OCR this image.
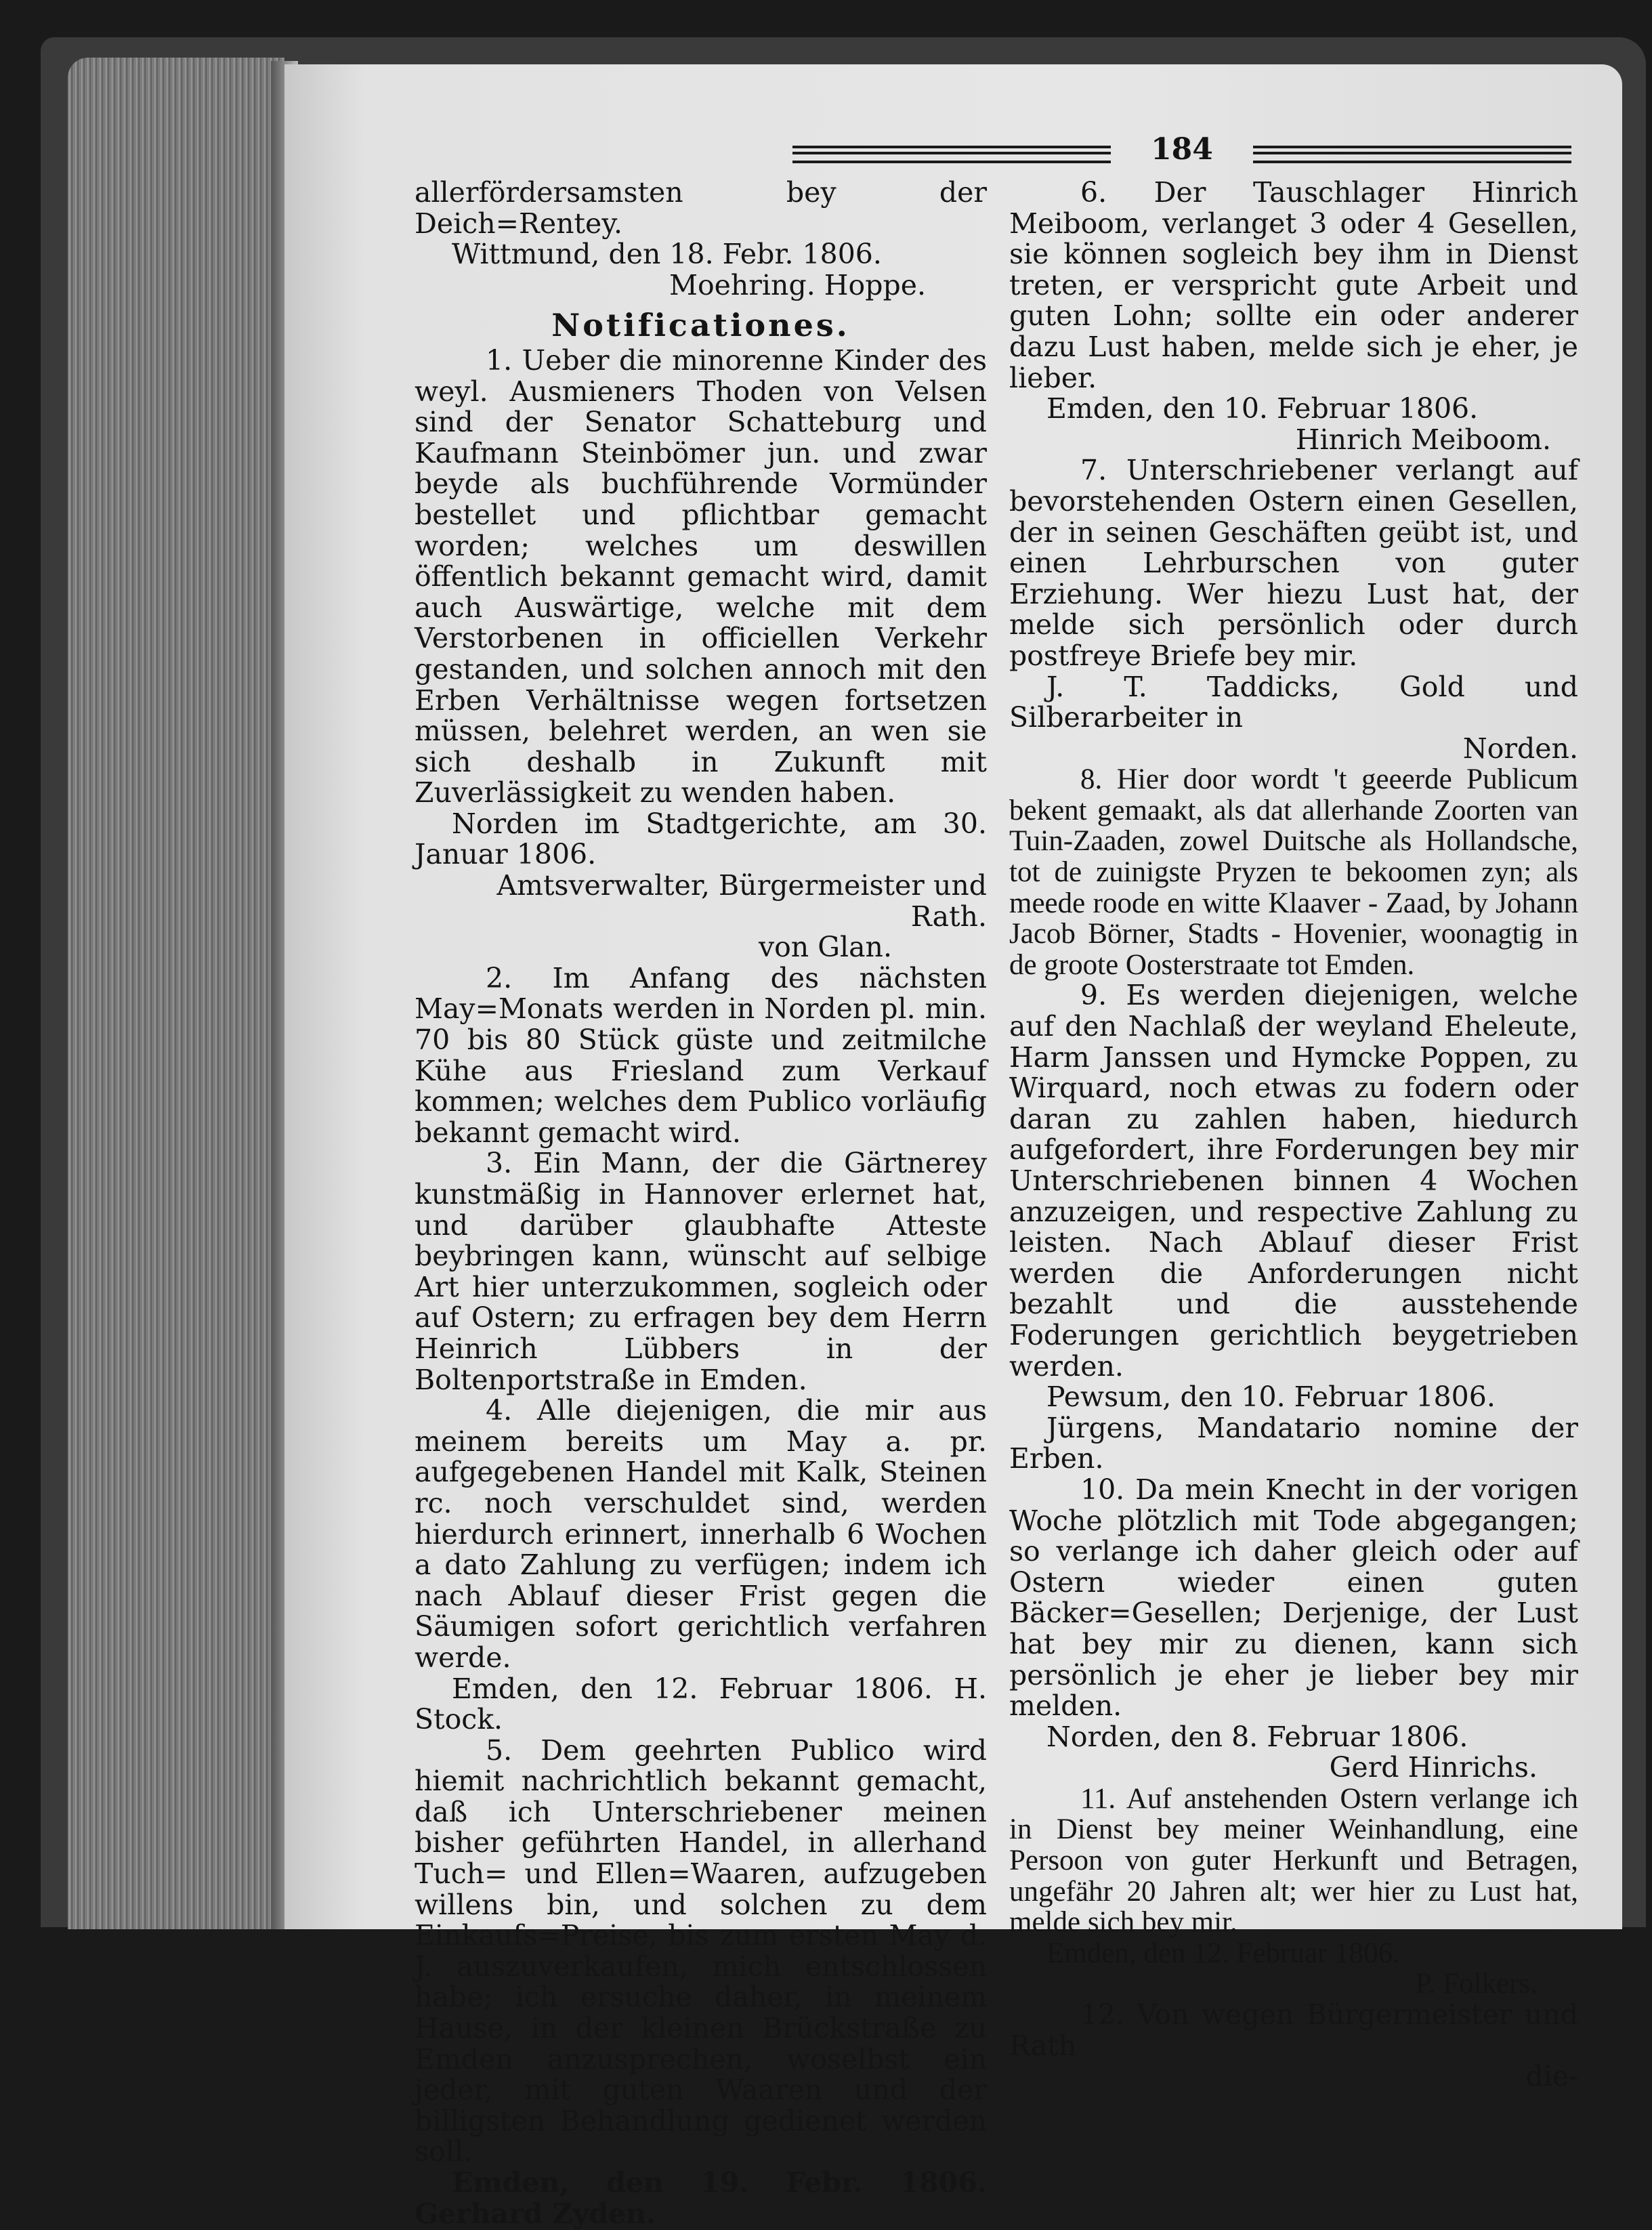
184

allerfördersamsten bey der Deich=Rentey.

Wittmund, den 18. Febr. 1806.

Moehring. Hoppe.

Notificationes.

1. Ueber die minorenne Kinder des weyl. Ausmieners Thoden von Velsen sind der Senator Schatteburg und Kaufmann Steinbömer jun. und zwar beyde als buchführende Vormünder bestellet und pflichtbar gemacht worden; welches um deswillen öffentlich bekannt gemacht wird, damit auch Auswärtige, welche mit dem Verstorbenen in officiellen Verkehr gestanden, und solchen annoch mit den Erben Verhältnisse wegen fortsetzen müssen, belehret werden, an wen sie sich deshalb in Zukunft mit Zuverlässigkeit zu wenden haben.

Norden im Stadtgerichte, am 30. Januar 1806.

Amtsverwalter, Bürgermeister und Rath.

von Glan.

2. Im Anfang des nächsten May=Monats werden in Norden pl. min. 70 bis 80 Stück güste und zeitmilche Kühe aus Friesland zum Verkauf kommen; welches dem Publico vorläufig bekannt gemacht wird.

3. Ein Mann, der die Gärtnerey kunstmäßig in Hannover erlernet hat, und darüber glaubhafte Atteste beybringen kann, wünscht auf selbige Art hier unterzukommen, sogleich oder auf Ostern; zu erfragen bey dem Herrn Heinrich Lübbers in der Boltenportstraße in Emden.

4. Alle diejenigen, die mir aus meinem bereits um May a. pr. aufgegebenen Handel mit Kalk, Steinen rc. noch verschuldet sind, werden hierdurch erinnert, innerhalb 6 Wochen a dato Zahlung zu verfügen; indem ich nach Ablauf dieser Frist gegen die Säumigen sofort gerichtlich verfahren werde.

Emden, den 12. Februar 1806. H. Stock.

5. Dem geehrten Publico wird hiemit nachrichtlich bekannt gemacht, daß ich Unterschriebener meinen bisher geführten Handel, in allerhand Tuch= und Ellen=Waaren, aufzugeben willens bin, und solchen zu dem Einkaufs=Preise, bis zum ersten May d. J. auszuverkaufen, mich entschlossen habe; ich ersuche daher, in meinem Hause, in der kleinen Brückstraße zu Emden anzusprechen, woselbst ein jeder, mit guten Waaren und der billigsten Behandlung gedienet werden soll.

Emden, den 19. Febr. 1806. Gerhard Zyden.

6. Der Tauschlager Hinrich Meiboom, verlanget 3 oder 4 Gesellen, sie können sogleich bey ihm in Dienst treten, er verspricht gute Arbeit und guten Lohn; sollte ein oder anderer dazu Lust haben, melde sich je eher, je lieber.

Emden, den 10. Februar 1806.

Hinrich Meiboom.

7. Unterschriebener verlangt auf bevorstehenden Ostern einen Gesellen, der in seinen Geschäften geübt ist, und einen Lehrburschen von guter Erziehung. Wer hiezu Lust hat, der melde sich persönlich oder durch postfreye Briefe bey mir.

J. T. Taddicks, Gold und Silberarbeiter in

Norden.

8. Hier door wordt 't geeerde Publicum bekent gemaakt, als dat allerhande Zoorten van Tuin-Zaaden, zowel Duitsche als Hollandsche, tot de zuinigste Pryzen te bekoomen zyn; als meede roode en witte Klaaver - Zaad, by Johann Jacob Börner, Stadts - Hovenier, woonagtig in de groote Oosterstraate tot Emden.

9. Es werden diejenigen, welche auf den Nachlaß der weyland Eheleute, Harm Janssen und Hymcke Poppen, zu Wirquard, noch etwas zu fodern oder daran zu zahlen haben, hiedurch aufgefordert, ihre Forderungen bey mir Unterschriebenen binnen 4 Wochen anzuzeigen, und respective Zahlung zu leisten. Nach Ablauf dieser Frist werden die Anforderungen nicht bezahlt und die ausstehende Foderungen gerichtlich beygetrieben werden.

Pewsum, den 10. Februar 1806.

Jürgens, Mandatario nomine der Erben.

10. Da mein Knecht in der vorigen Woche plötzlich mit Tode abgegangen; so verlange ich daher gleich oder auf Ostern wieder einen guten Bäcker=Gesellen; Derjenige, der Lust hat bey mir zu dienen, kann sich persönlich je eher je lieber bey mir melden.

Norden, den 8. Februar 1806.

Gerd Hinrichs.

11. Auf anstehenden Ostern verlange ich in Dienst bey meiner Weinhandlung, eine Persoon von guter Herkunft und Betragen, ungefähr 20 Jahren alt; wer hier zu Lust hat, melde sich bey mir.

Emden, den 12. Februar 1806.

P. Folkers.

12. Von wegen Bürgermeister und Rath

die-
